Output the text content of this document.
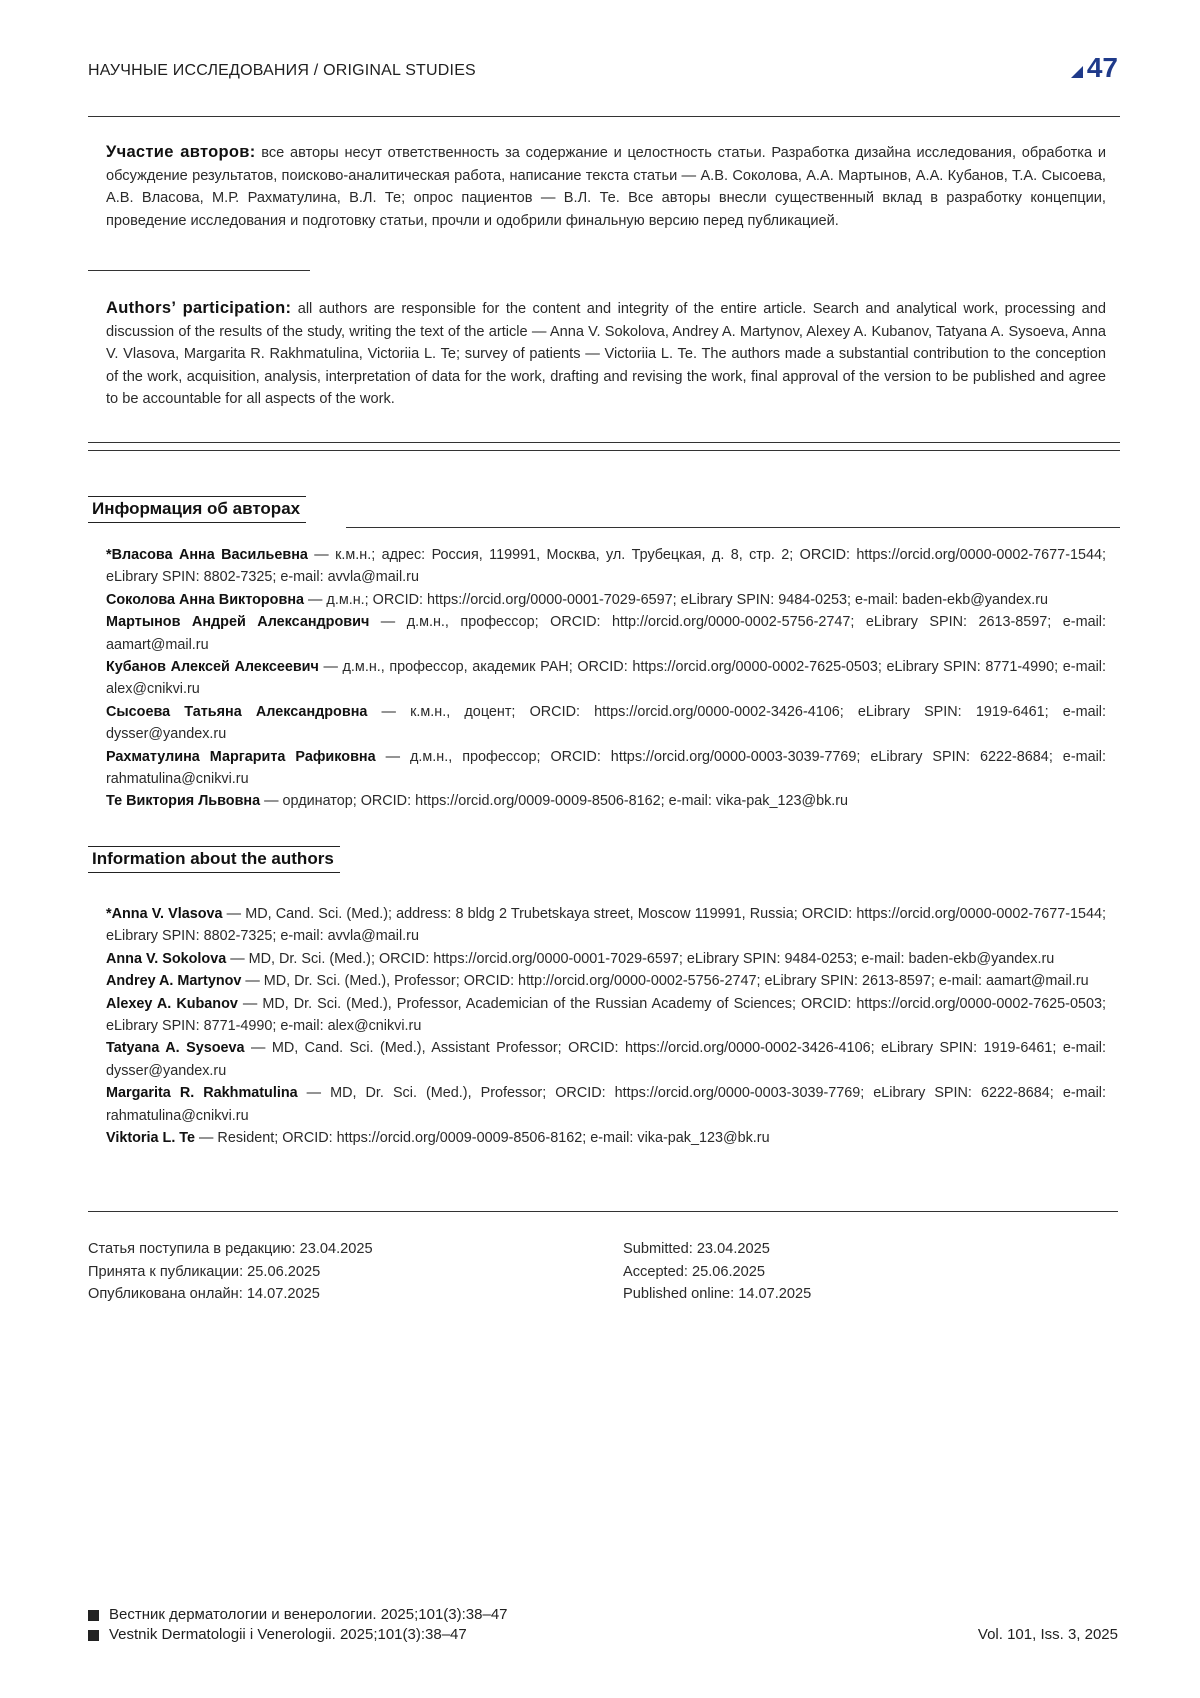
НАУЧНЫЕ ИССЛЕДОВАНИЯ / ORIGINAL STUDIES	47
Участие авторов: все авторы несут ответственность за содержание и целостность статьи. Разработка дизайна исследования, обработка и обсуждение результатов, поисково-аналитическая работа, написание текста статьи — А.В. Соколова, А.А. Мартынов, А.А. Кубанов, Т.А. Сысоева, А.В. Власова, М.Р. Рахматулина, В.Л. Те; опрос пациентов — В.Л. Те. Все авторы внесли существенный вклад в разработку концепции, проведение исследования и подготовку статьи, прочли и одобрили финальную версию перед публикацией.
Authors’ participation: all authors are responsible for the content and integrity of the entire article. Search and analytical work, processing and discussion of the results of the study, writing the text of the article — Anna V. Sokolova, Andrey A. Martynov, Alexey A. Kubanov, Tatyana A. Sysoeva, Anna V. Vlasova, Margarita R. Rakhmatulina, Victoriia L. Te; survey of patients — Victoriia L. Te. The authors made a substantial contribution to the conception of the work, acquisition, analysis, interpretation of data for the work, drafting and revising the work, final approval of the version to be published and agree to be accountable for all aspects of the work.
Информация об авторах

*Власова Анна Васильевна — к.м.н.; адрес: Россия, 119991, Москва, ул. Трубецкая, д. 8, стр. 2; ORCID: https://orcid.org/0000-0002-7677-1544; eLibrary SPIN: 8802-7325; e-mail: avvla@mail.ru

Соколова Анна Викторовна — д.м.н.; ORCID: https://orcid.org/0000-0001-7029-6597; eLibrary SPIN: 9484-0253; e-mail: baden-ekb@yandex.ru

Мартынов Андрей Александрович — д.м.н., профессор; ORCID: http://orcid.org/0000-0002-5756-2747; eLibrary SPIN: 2613-8597; e-mail: aamart@mail.ru

Кубанов Алексей Алексеевич — д.м.н., профессор, академик РАН; ORCID: https://orcid.org/0000-0002-7625-0503; eLibrary SPIN: 8771-4990; e-mail: alex@cnikvi.ru

Сысоева Татьяна Александровна — к.м.н., доцент; ORCID: https://orcid.org/0000-0002-3426-4106; eLibrary SPIN: 1919-6461; e-mail: dysser@yandex.ru

Рахматулина Маргарита Рафиковна — д.м.н., профессор; ORCID: https://orcid.org/0000-0003-3039-7769; eLibrary SPIN: 6222-8684; e-mail: rahmatulina@cnikvi.ru

Те Виктория Львовна — ординатор; ORCID: https://orcid.org/0009-0009-8506-8162; e-mail: vika-pak_123@bk.ru

Information about the authors

*Anna V. Vlasova — MD, Cand. Sci. (Med.); address: 8 bldg 2 Trubetskaya street, Moscow 119991, Russia; ORCID: https://orcid.org/0000-0002-7677-1544; eLibrary SPIN: 8802-7325; e-mail: avvla@mail.ru

Anna V. Sokolova — MD, Dr. Sci. (Med.); ORCID: https://orcid.org/0000-0001-7029-6597; eLibrary SPIN: 9484-0253; e-mail: baden-ekb@yandex.ru

Andrey A. Martynov — MD, Dr. Sci. (Med.), Professor; ORCID: http://orcid.org/0000-0002-5756-2747; eLibrary SPIN: 2613-8597; e-mail: aamart@mail.ru

Alexey A. Kubanov — MD, Dr. Sci. (Med.), Professor, Academician of the Russian Academy of Sciences; ORCID: https://orcid.org/0000-0002-7625-0503; eLibrary SPIN: 8771-4990; e-mail: alex@cnikvi.ru

Tatyana A. Sysoeva — MD, Cand. Sci. (Med.), Assistant Professor; ORCID: https://orcid.org/0000-0002-3426-4106; eLibrary SPIN: 1919-6461; e-mail: dysser@yandex.ru

Margarita R. Rakhmatulina — MD, Dr. Sci. (Med.), Professor; ORCID: https://orcid.org/0000-0003-3039-7769; eLibrary SPIN: 6222-8684; e-mail: rahmatulina@cnikvi.ru

Viktoria L. Te — Resident; ORCID: https://orcid.org/0009-0009-8506-8162; e-mail: vika-pak_123@bk.ru

Статья поступила в редакцию: 23.04.2025

Принята к публикации: 25.06.2025

Опубликована онлайн: 14.07.2025

Submitted: 23.04.2025

Accepted: 25.06.2025

Published online: 14.07.2025

Вестник дерматологии и венерологии. 2025;101(3):38–47

Vestnik Dermatologii i Venerologii. 2025;101(3):38–47	Vol. 101, Iss. 3, 2025
